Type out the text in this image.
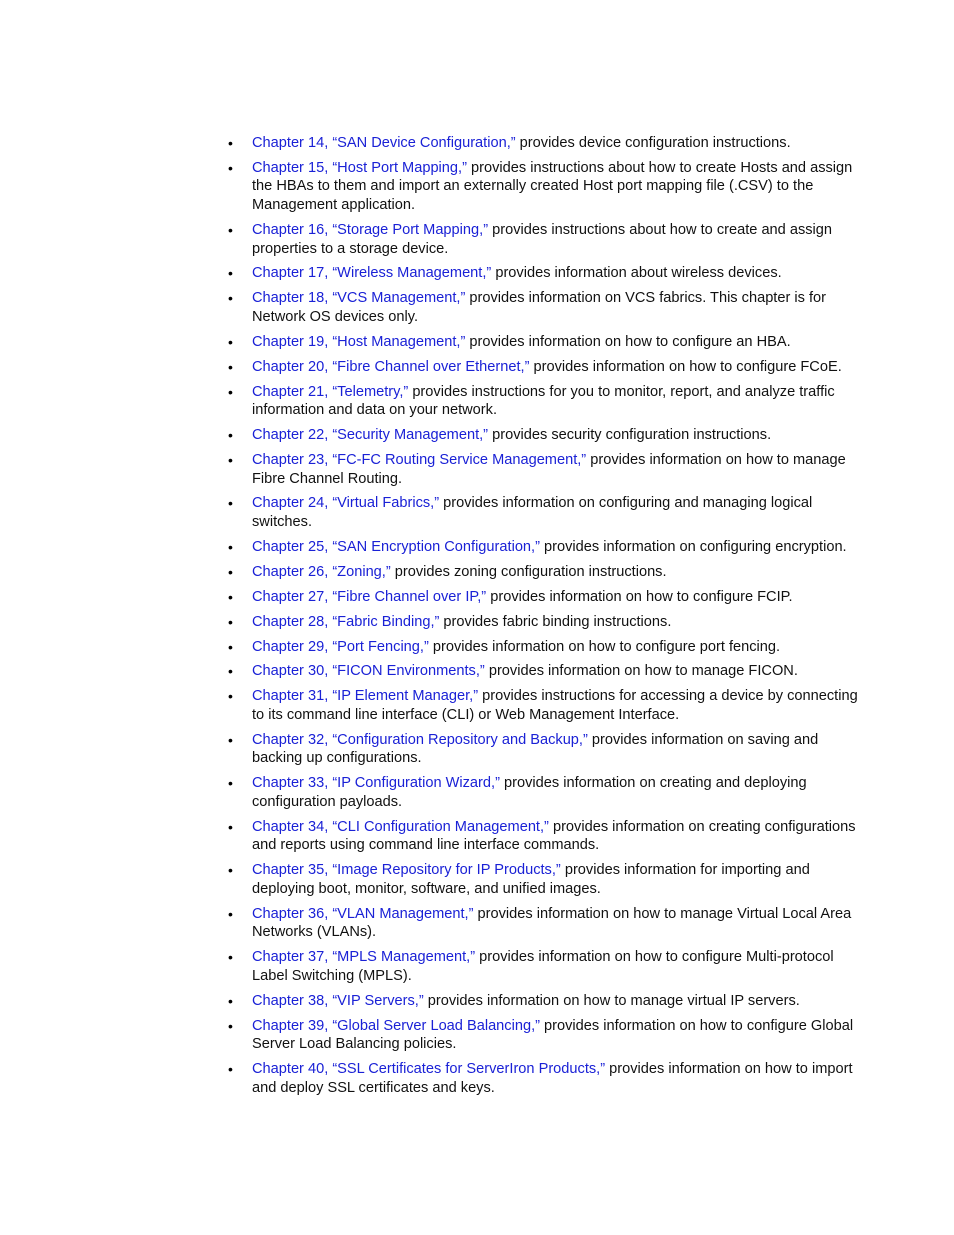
• Chapter 14, “SAN Device Configuration,” provides device configuration instructions.
• Chapter 15, “Host Port Mapping,” provides instructions about how to create Hosts and assign the HBAs to them and import an externally created Host port mapping file (.CSV) to the Management application.
• Chapter 16, “Storage Port Mapping,” provides instructions about how to create and assign properties to a storage device.
• Chapter 17, “Wireless Management,” provides information about wireless devices.
• Chapter 18, “VCS Management,” provides information on VCS fabrics. This chapter is for Network OS devices only.
• Chapter 19, “Host Management,” provides information on how to configure an HBA.
• Chapter 20, “Fibre Channel over Ethernet,” provides information on how to configure FCoE.
• Chapter 21, “Telemetry,” provides instructions for you to monitor, report, and analyze traffic information and data on your network.
• Chapter 22, “Security Management,” provides security configuration instructions.
• Chapter 23, “FC-FC Routing Service Management,” provides information on how to manage Fibre Channel Routing.
• Chapter 24, “Virtual Fabrics,” provides information on configuring and managing logical switches.
• Chapter 25, “SAN Encryption Configuration,” provides information on configuring encryption.
• Chapter 26, “Zoning,” provides zoning configuration instructions.
• Chapter 27, “Fibre Channel over IP,” provides information on how to configure FCIP.
• Chapter 28, “Fabric Binding,” provides fabric binding instructions.
• Chapter 29, “Port Fencing,” provides information on how to configure port fencing.
• Chapter 30, “FICON Environments,” provides information on how to manage FICON.
• Chapter 31, “IP Element Manager,” provides instructions for accessing a device by connecting to its command line interface (CLI) or Web Management Interface.
• Chapter 32, “Configuration Repository and Backup,” provides information on saving and backing up configurations.
• Chapter 33, “IP Configuration Wizard,” provides information on creating and deploying configuration payloads.
• Chapter 34, “CLI Configuration Management,” provides information on creating configurations and reports using command line interface commands.
• Chapter 35, “Image Repository for IP Products,” provides information for importing and deploying boot, monitor, software, and unified images.
• Chapter 36, “VLAN Management,” provides information on how to manage Virtual Local Area Networks (VLANs).
• Chapter 37, “MPLS Management,” provides information on how to configure Multi-protocol Label Switching (MPLS).
• Chapter 38, “VIP Servers,” provides information on how to manage virtual IP servers.
• Chapter 39, “Global Server Load Balancing,” provides information on how to configure Global Server Load Balancing policies.
• Chapter 40, “SSL Certificates for ServerIron Products,” provides information on how to import and deploy SSL certificates and keys.
